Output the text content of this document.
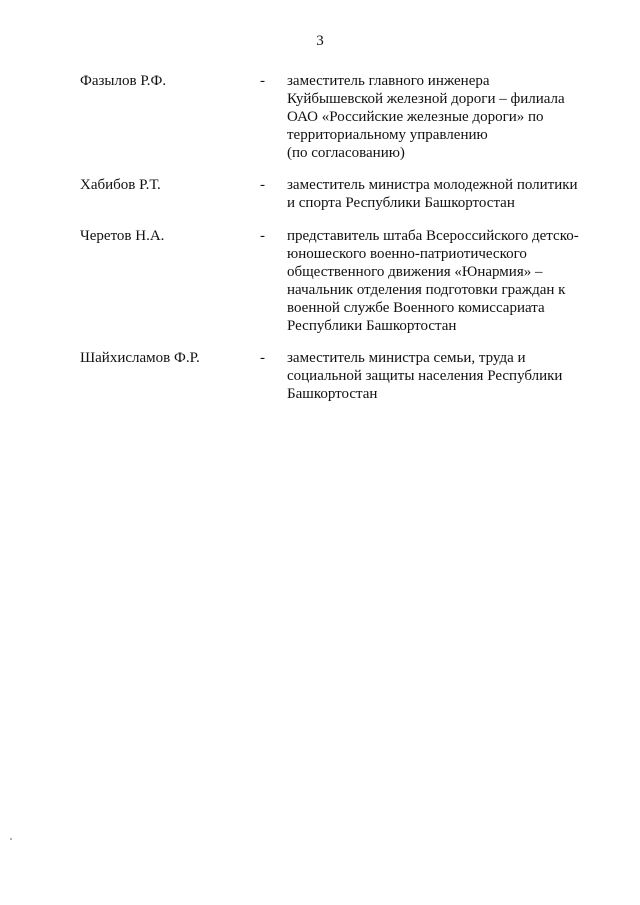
3
Фазылов Р.Ф.	- заместитель главного инженера
Куйбышевской железной дороги – филиала
ОАО «Российские железные дороги» по
территориальному управлению
(по согласованию)
Хабибов Р.Т.	- заместитель министра молодежной политики
и спорта Республики Башкортостан
Черетов Н.А.	- представитель штаба Всероссийского детско-
юношеского военно-патриотического
общественного движения «Юнармия» –
начальник отделения подготовки граждан к
военной службе Военного комиссариата
Республики Башкортостан
Шайхисламов Ф.Р.	- заместитель министра семьи, труда и
социальной защиты населения Республики
Башкортостан
